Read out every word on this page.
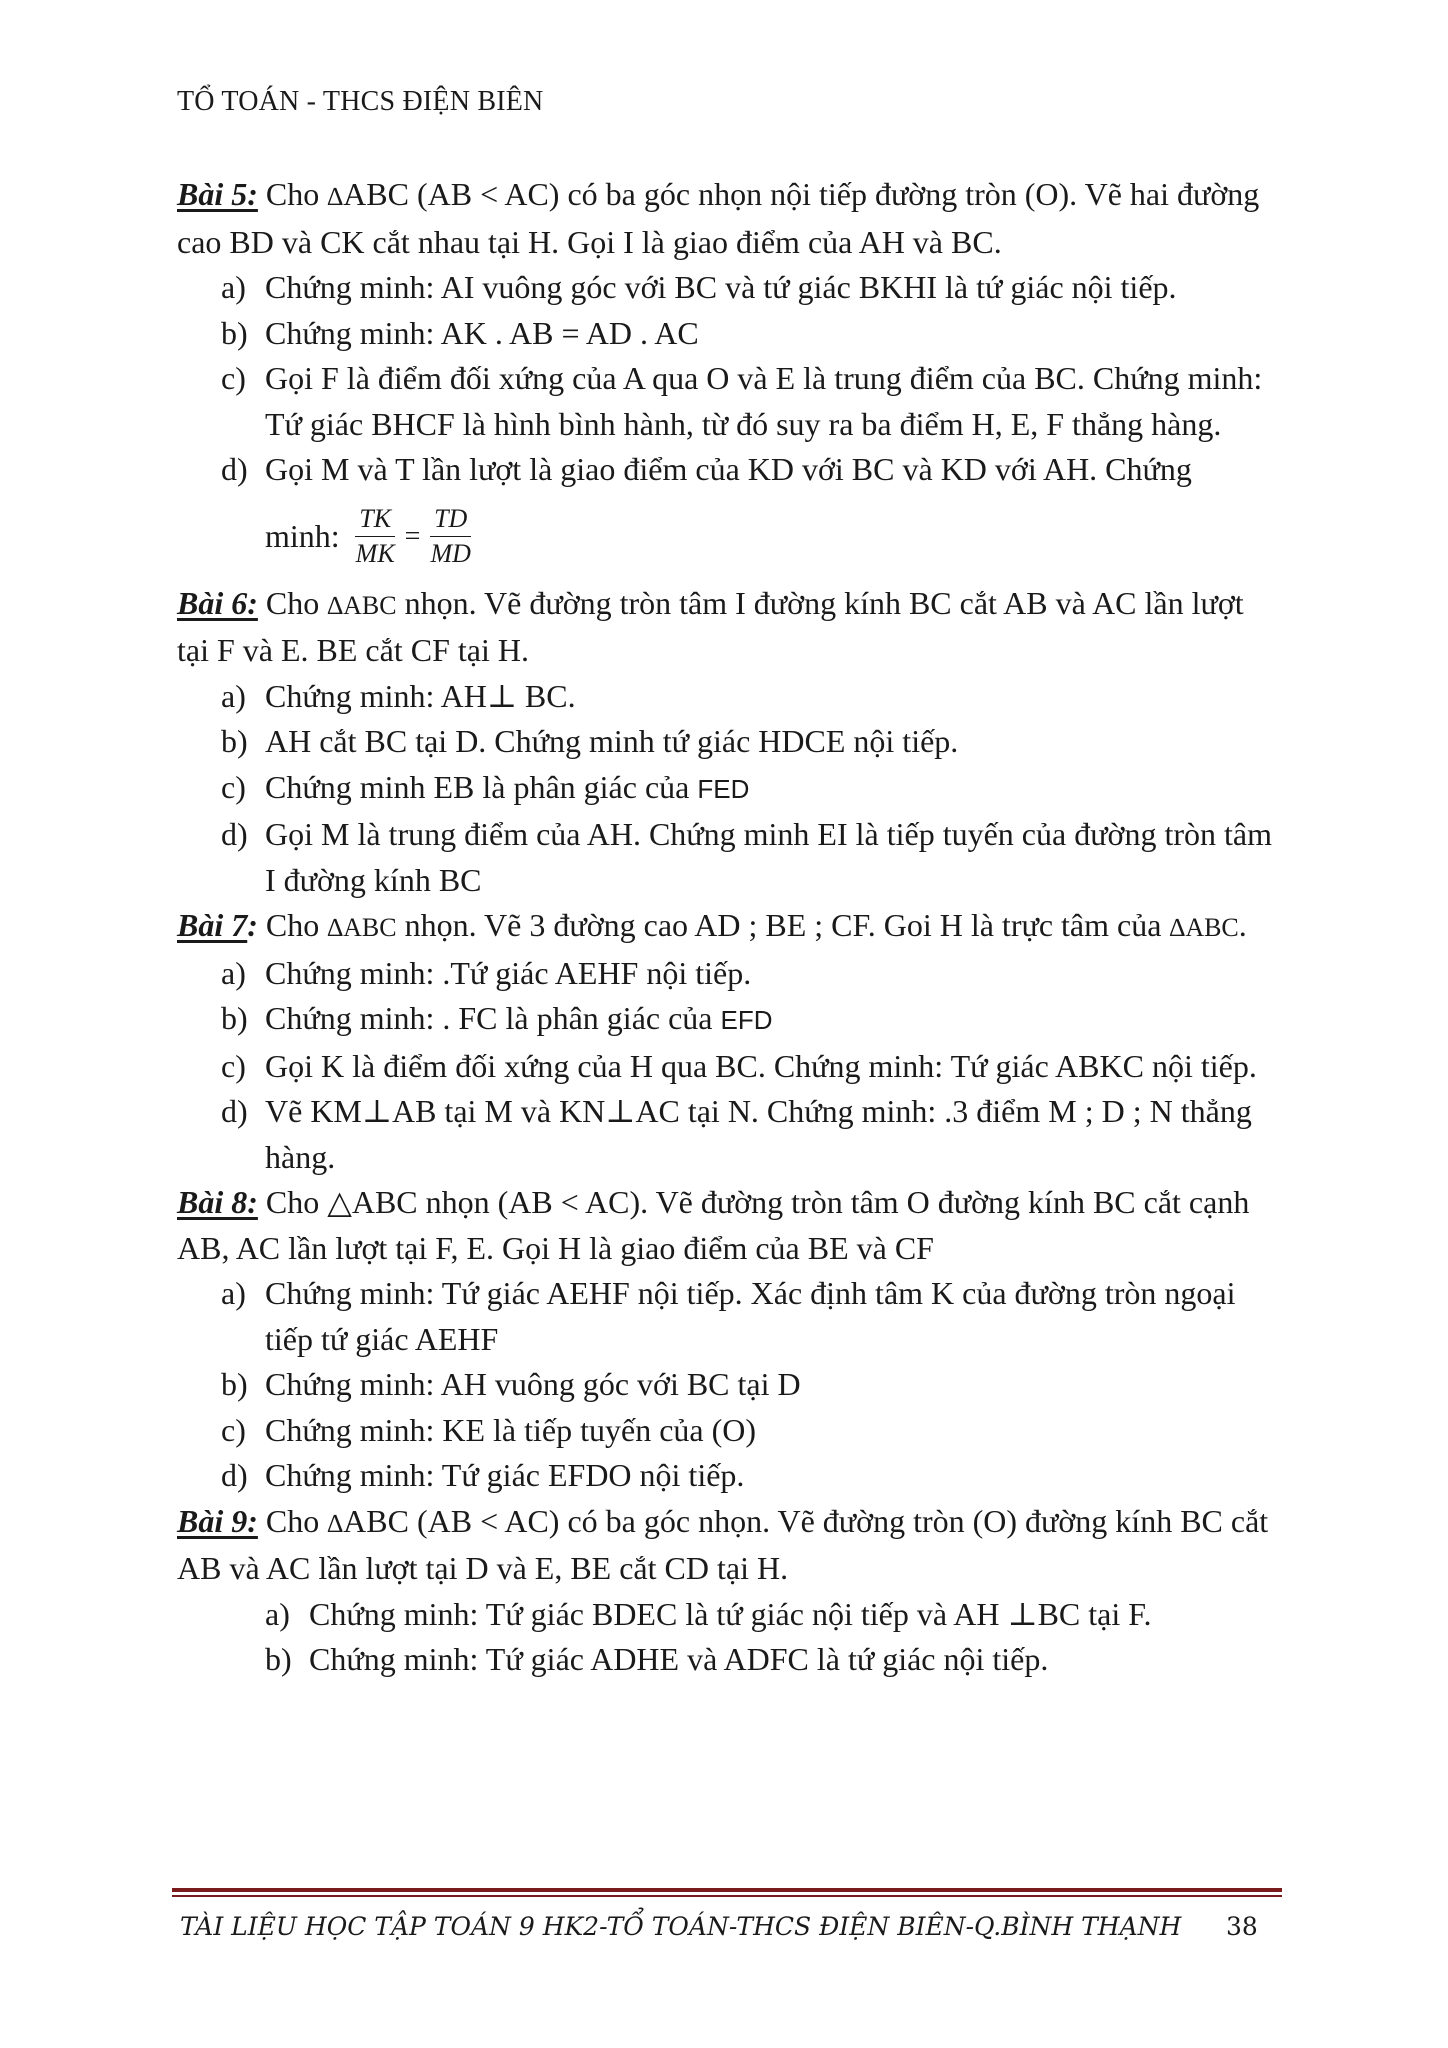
TỔ TOÁN - THCS ĐIỆN BIÊN

Bài 5: Cho ∆ABC (AB < AC) có ba góc nhọn nội tiếp đường tròn (O). Vẽ hai đường cao BD và CK cắt nhau tại H. Gọi I là giao điểm của AH và BC.

a) Chứng minh: AI vuông góc với BC và tứ giác BKHI là tứ giác nội tiếp.
b) Chứng minh: AK . AB = AD . AC
c) Gọi F là điểm đối xứng của A qua O và E là trung điểm của BC. Chứng minh: Tứ giác BHCF là hình bình hành, từ đó suy ra ba điểm H, E, F thẳng hàng.
d) Gọi M và T lần lượt là giao điểm của KD với BC và KD với AH. Chứng

minh:
$\frac{TK}{MK} = \frac{TD}{MD}$

Bài 6: Cho ∆ABC nhọn. Vẽ đường tròn tâm I đường kính BC cắt AB và AC lần lượt tại F và E. BE cắt CF tại H.

a) Chứng minh: AH⊥ BC.
b) AH cắt BC tại D. Chứng minh tứ giác HDCE nội tiếp.
c) Chứng minh EB là phân giác của FED
d) Gọi M là trung điểm của AH. Chứng minh EI là tiếp tuyến của đường tròn tâm I đường kính BC

Bài 7: Cho ∆ABC nhọn. Vẽ 3 đường cao AD ; BE ; CF. Goi H là trực tâm của ∆ABC.

a) Chứng minh: .Tứ giác AEHF nội tiếp.
b) Chứng minh: . FC là phân giác của EFD
c) Gọi K là điểm đối xứng của H qua BC. Chứng minh: Tứ giác ABKC nội tiếp.
d) Vẽ KM⊥AB tại M và KN⊥AC tại N. Chứng minh: .3 điểm M ; D ; N thẳng hàng.

Bài 8: Cho △ABC nhọn (AB < AC). Vẽ đường tròn tâm O đường kính BC cắt cạnh AB, AC lần lượt tại F, E. Gọi H là giao điểm của BE và CF

a) Chứng minh: Tứ giác AEHF nội tiếp. Xác định tâm K của đường tròn ngoại tiếp tứ giác AEHF
b) Chứng minh: AH vuông góc với BC tại D
c) Chứng minh: KE là tiếp tuyến của (O)
d) Chứng minh: Tứ giác EFDO nội tiếp.

Bài 9: Cho ∆ABC (AB < AC) có ba góc nhọn. Vẽ đường tròn (O) đường kính BC cắt AB và AC lần lượt tại D và E, BE cắt CD tại H.

a) Chứng minh: Tứ giác BDEC là tứ giác nội tiếp và AH ⊥BC tại F.
b) Chứng minh: Tứ giác ADHE và ADFC là tứ giác nội tiếp.
TÀI LIỆU HỌC TẬP TOÁN 9 HK2-TỔ TOÁN-THCS ĐIỆN BIÊN-Q.BÌNH THẠNH 38
